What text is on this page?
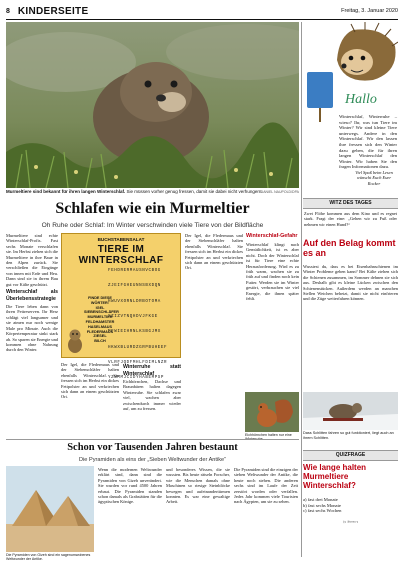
8 KINDERSEITE	Freitag, 3. Januar 2020
Murmeltiere sind bekannt für ihren langen Winterschlaf. Sie müssen vorher genug fressen, damit sie dabei nicht verhungern.
DANIEL NAUPOLD/DPA
Hallo
Winterschlaf, Winterruhe – wieso? Ihr, was tun Tiere im Winter? Wir sind kleine Tiere unterwegs. Andere in den Winterschlaf. Wir den lassen ihre fressen sich den Winter dazu geben, die für ihren langen Winterschlaf den Winter. Wir haben Sie den fragen Informationen dazu.
Viel Spaß beim Lesen wünscht Euch Euer Rocker
WITZ DES TAGES
Zwei Flöhe kommen aus dem Kino und es regnet stark. Fragt der eine: „Gehen wir zu Fuß oder nehmen wir einen Hund?“
Schlafen wie ein Murmeltier
Oh Ruhe oder Schlaf: Im Winter verschwinden viele Tiere von der Bildfläche

Murmeltiere sind echte Winterschlaf-Profis. Fast sechs Monate verschlafen sie. Im Herbst ziehen sich die Murmeltiere in ihre Baue in den Alpen zurück. Sie verschließen die Eingänge von innen mit Erde und Heu. Dann sind sie in ihrem Bau gut vor Kälte geschützt.

Winterschlaf als Überlebensstrategie

Die Tiere leben dann von ihren Fettreserven. Ihr Herz schlägt viel langsamer und sie atmen nur noch wenige Male pro Minute. Auch die Körpertemperatur sinkt stark ab. So sparen sie Energie und kommen ohne Nahrung durch den Winter.

BUCHSTABENSALAT
TIERE IM WINTERSCHLAF

FEHDRERMAUSNVCBOG

ZJEIFGHEUNNSBXDQN

HWUVXORNLDRBOTOMA

XZIZVTNQHDVJFKGE

MFWIEIHRNLKSBGJMX

HKWXBLURDZGRPBUHEEF

VLRFJQDFMHLFDIMLNZR

YZWMMJCIDYHABEMPSP

FINDE DIESE WÖRTER:
IGEL
SIEBENSCHLÄFER
MURMELTIER
FELDHAMSTER
HASELMAUS
FLEDERMAUS
ZIESEL
BILCH

Der Igel, die Fledermaus und der Siebenschläfer halten ebenfalls Winterschlaf. Sie fressen sich im Herbst ein dickes Fettpolster an und verkriechen sich dann an einem geschützten Ort.

Winterruhe statt Winterschlaf

Eichhörnchen, Dachse und Braunbären halten dagegen Winterruhe. Sie schlafen zwar viel, wachen aber zwischendurch immer wieder auf, um zu fressen.

Der Igel, die Fledermaus und der Siebenschläfer halten ebenfalls Winterschlaf. Sie fressen sich im Herbst ein dickes Fettpolster an und verkriechen sich dann an einem geschützten Ort.

Winterschlaf-Gefahr

Winterschlaf klingt nach Gemütlichkeit, ist es aber nicht. Doch der Winterschlaf ist für Tiere eine echte Herausforderung. Wird es zu früh warm, wachen sie zu früh auf und finden noch kein Futter. Werden sie im Winter gestört, verbrauchen sie viel Energie, die ihnen später fehlt.

Eichhörnchen halten nur eine
Auf den Belag kommt es an
Wusstest du, dass es bei Eisenbahnschienen im Winter Probleme geben kann? Bei Kälte ziehen sich die Schienen zusammen, im Sommer dehnen sie sich aus. Deshalb gibt es kleine Lücken zwischen den Schienenstücken. Außerdem werden an manchen Stellen Weichen beheizt, damit sie nicht einfrieren und die Züge weiterfahren können.
Dass Schlitten fahren so gut funktioniert, liegt auch an ihrem Schlitten.
QUIZFRAGE
Wie lange halten Murmeltiere Winterschlaf?
a) fast drei Monate
b) fast sechs Monate
c) fast sechs Wochen
Lösung: b)
Schon vor Tausenden Jahren bestaunt
Die Pyramiden als eins der „Sieben Weltwunder der Antike“
Die Pyramiden von Gizeh sind ein sagenumwobenes Weltwunder der Antike.

Wenn die modernen Weltwunder erklärt sind, dann sind die Pyramiden von Gizeh unverändert. Sie wurden vor rund 4500 Jahren erbaut. Die Pyramiden standen schon damals als Grabstätten für die ägyptischen Könige.

und besonderes Wissen, die sie wussten. Bis heute rätseln Forscher, wie die Menschen damals ohne Maschinen so riesige Steinblöcke bewegen und aufeinandertürmen konnten. Es war eine gewaltige Arbeit.

Die Pyramiden sind die einzigen der sieben Weltwunder der Antike, die heute noch stehen. Die anderen sechs sind im Laufe der Zeit zerstört worden oder verfallen. Jedes Jahr kommen viele Touristen nach Ägypten, um sie zu sehen.
